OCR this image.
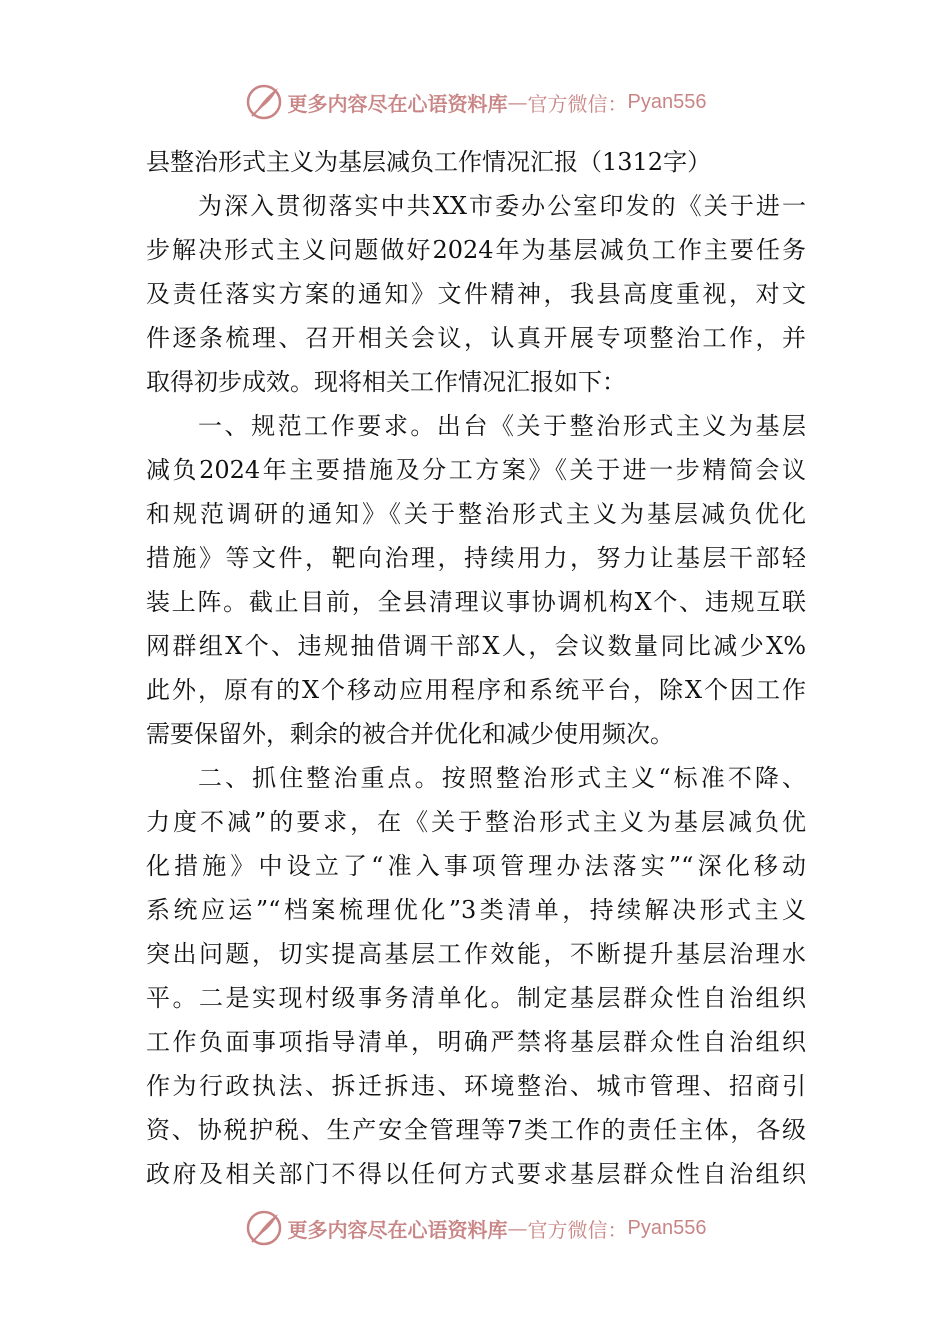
更多内容尽在心语资料库 — 官方微信： Pyan556
县整治形式主义为基层减负工作情况汇报（1312字）
为深入贯彻落实中共XX市委办公室印发的《关于进一
步解决形式主义问题做好2024年为基层减负工作主要任务
及责任落实方案的通知》文件精神，我县高度重视，对文
件逐条梳理、召开相关会议，认真开展专项整治工作，并
取得初步成效。现将相关工作情况汇报如下：
一、规范工作要求。出台《关于整治形式主义为基层
减负2024年主要措施及分工方案》《关于进一步精简会议
和规范调研的通知》《关于整治形式主义为基层减负优化
措施》等文件，靶向治理，持续用力，努力让基层干部轻
装上阵。截止目前，全县清理议事协调机构X个、违规互联
网群组X个、违规抽借调干部X人，会议数量同比减少X%
此外，原有的X个移动应用程序和系统平台，除X个因工作
需要保留外，剩余的被合并优化和减少使用频次。
二、抓住整治重点。按照整治形式主义“标准不降、
力度不减”的要求，在《关于整治形式主义为基层减负优
化措施》中设立了“准入事项管理办法落实”“深化移动
系统应运”“档案梳理优化”3类清单，持续解决形式主义
突出问题，切实提高基层工作效能，不断提升基层治理水
平。二是实现村级事务清单化。制定基层群众性自治组织
工作负面事项指导清单，明确严禁将基层群众性自治组织
作为行政执法、拆迁拆违、环境整治、城市管理、招商引
资、协税护税、生产安全管理等7类工作的责任主体，各级
政府及相关部门不得以任何方式要求基层群众性自治组织
更多内容尽在心语资料库 — 官方微信： Pyan556
